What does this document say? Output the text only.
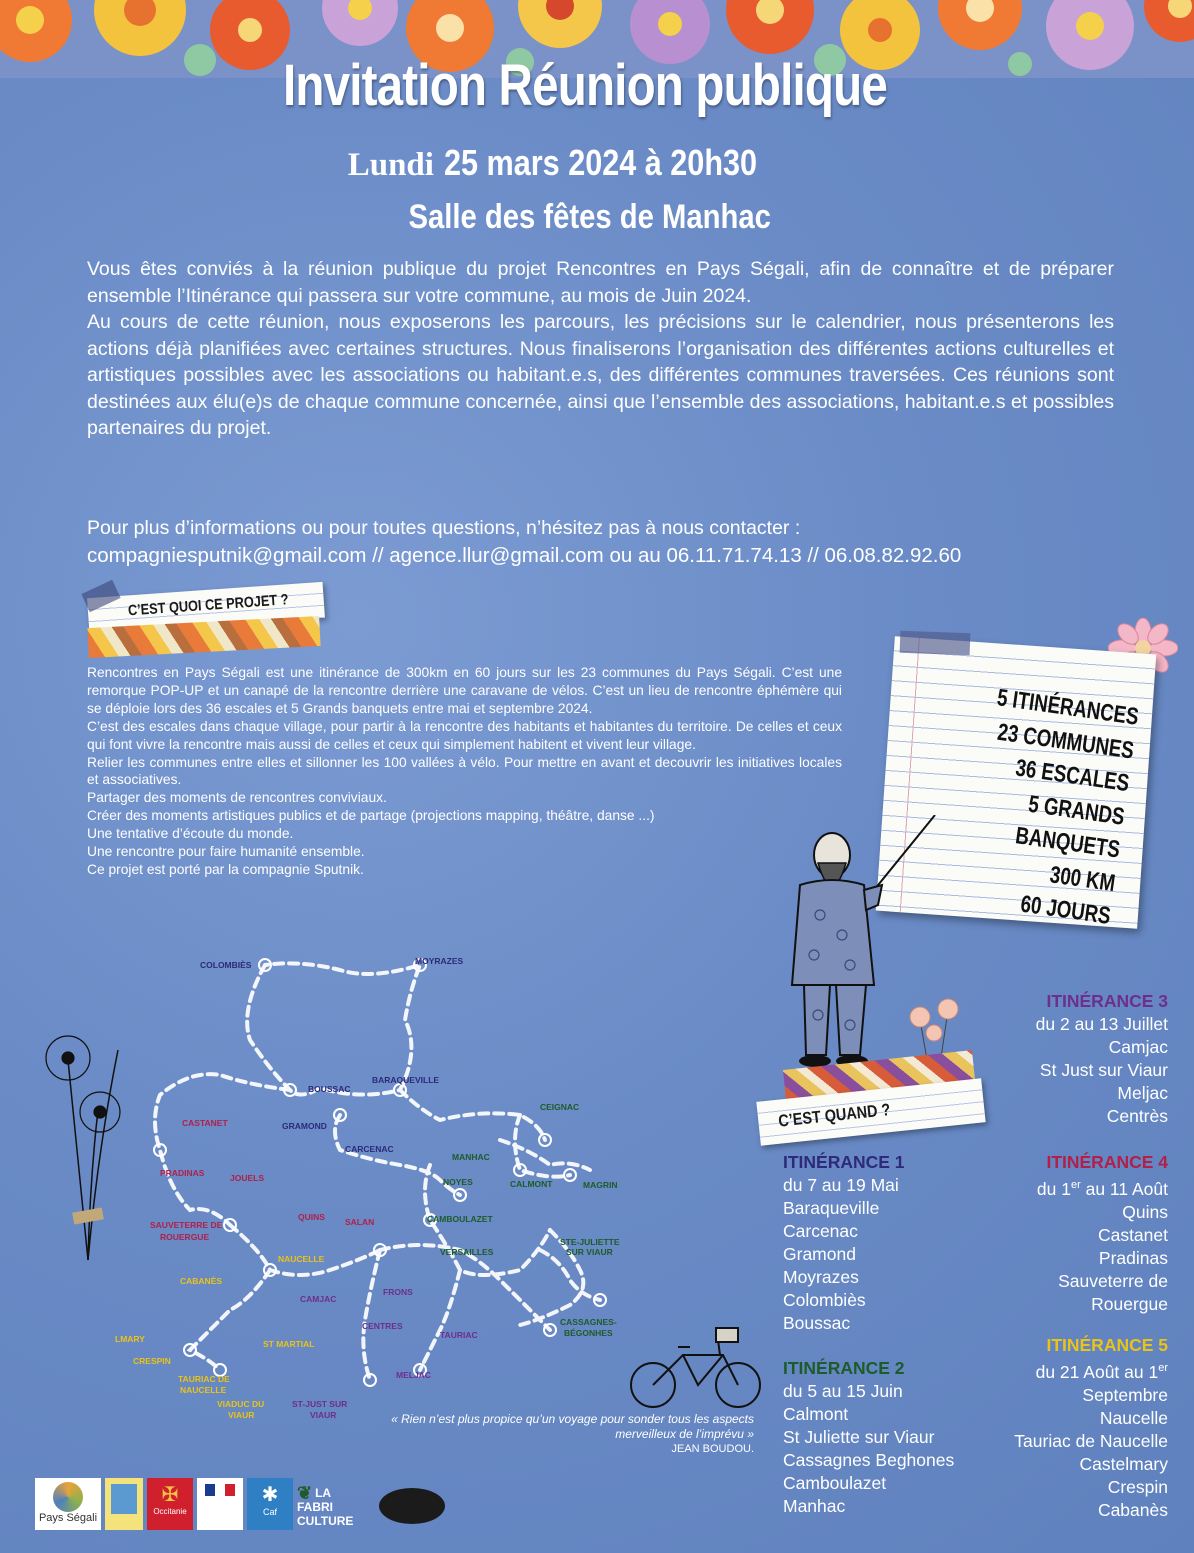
Invitation Réunion publique
Lundi 25 mars 2024 à 20h30
Salle des fêtes de Manhac

Vous êtes conviés à la réunion publique du projet Rencontres en Pays Ségali, afin de connaître et de préparer ensemble l’Itinérance qui passera sur votre commune, au mois de Juin 2024.

Au cours de cette réunion, nous exposerons les parcours, les précisions sur le calendrier, nous présenterons les actions déjà planifiées avec certaines structures. Nous finaliserons l’organisation des différentes actions culturelles et artistiques possibles avec les associations ou habitant.e.s, des différentes communes traversées. Ces réunions sont destinées aux élu(e)s de chaque commune concernée, ainsi que l’ensemble des associations, habitant.e.s et possibles partenaires du projet.

Pour plus d’informations ou pour toutes questions, n’hésitez pas à nous contacter :

compagniesputnik@gmail.com // agence.llur@gmail.com ou au 06.11.71.74.13 // 06.08.82.92.60

C’EST QUOI CE PROJET ?

Rencontres en Pays Ségali est une itinérance de 300km en 60 jours sur les 23 communes du Pays Ségali. C’est une remorque POP-UP et un canapé de la rencontre derrière une caravane de vélos. C’est un lieu de rencontre éphémère qui se déploie lors des 36 escales et 5 Grands banquets entre mai et septembre 2024.

C’est des escales dans chaque village, pour partir à la rencontre des habitants et habitantes du territoire. De celles et ceux qui font vivre la rencontre mais aussi de celles et ceux qui simplement habitent et vivent leur village.

Relier les communes entre elles et sillonner les 100 vallées à vélo. Pour mettre en avant et decouvrir les initiatives locales et associatives.

Partager des moments de rencontres conviviaux.

Créer des moments artistiques publics et de partage (projections mapping, théâtre, danse ...)

Une tentative d’écoute du monde.

Une rencontre pour faire humanité ensemble.

Ce projet est porté par la compagnie Sputnik.

5 ITINÉRANCES
23 COMMUNES
36 ESCALES
5 GRANDS BANQUETS
300 KM
60 JOURS
C’EST QUAND ?

ITINÉRANCE 1

du 7 au 19 Mai

Baraqueville

Carcenac

Gramond

Moyrazes

Colombiès

Boussac

ITINÉRANCE 2

du 5 au 15 Juin

Calmont

St Juliette sur Viaur

Cassagnes Beghones

Camboulazet

Manhac

ITINÉRANCE 3

du 2 au 13 Juillet

Camjac

St Just sur Viaur

Meljac

Centrès

ITINÉRANCE 4

du 1er au 11 Août

Quins

Castanet

Pradinas

Sauveterre de

Rouergue

ITINÉRANCE 5

du 21 Août au 1er

Septembre

Naucelle

Tauriac de Naucelle

Castelmary

Crespin

Cabanès

COLOMBIÈS	MOYRAZES
BOUSSAC
BARAQUEVILLE
CEIGNAC
GRAMOND
CARCENAC
CASTANET
PRADINAS	JOUELS
MANHAC
CALMONT	MAGRIN
NOYES
QUINS SALAN	CAMBOULAZET
SAUVETERRE DE
ROUERGUE
NAUCELLE
VERSAILLES
STE-JULIETTE
SUR VIAUR
CABANÈS
FRONS
CAMJAC
CASSAGNES-
BÉGONHES
CENTRES
TAURIAC
LMARY	ST MARTIAL
CRESPIN
TAURIAC DE
NAUCELLE
MELJAC
VIADUC DU	ST-JUST SUR
VIAUR	VIAUR	« Rien n’est plus propice qu’un voyage pour sonder tous les aspects merveilleux de l’imprévu »
JEAN BOUDOU.
Pays Ségali
✠
Occitanie
✱
Caf
❦ LA FABRI
CULTURE
